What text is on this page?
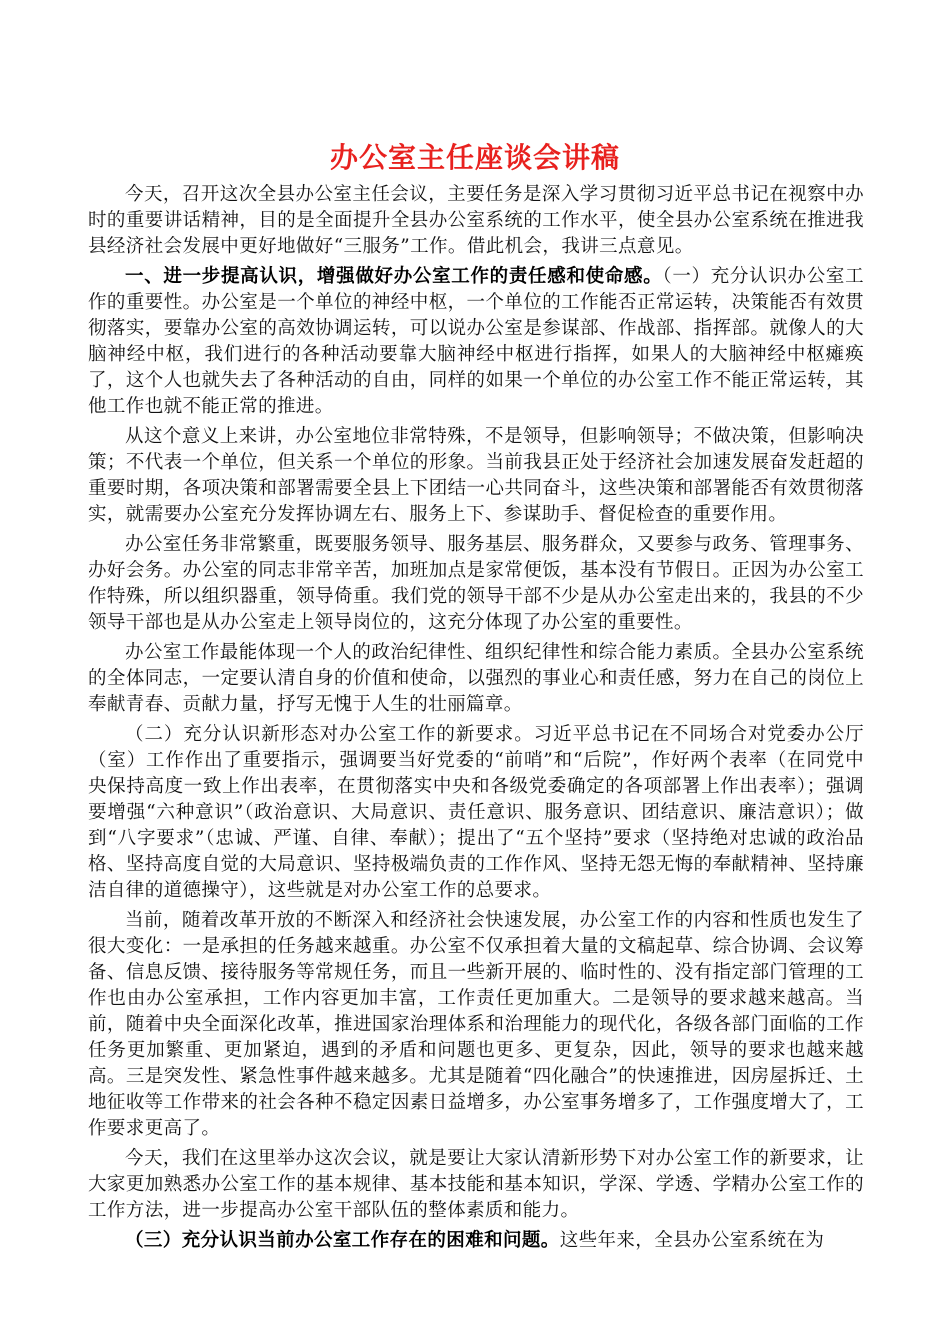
办公室主任座谈会讲稿

今天，召开这次全县办公室主任会议，主要任务是深入学习贯彻习近平总书记在视察中办时的重要讲话精神，目的是全面提升全县办公室系统的工作水平，使全县办公室系统在推进我县经济社会发展中更好地做好“三服务”工作。借此机会，我讲三点意见。

一、进一步提高认识，增强做好办公室工作的责任感和使命感。（一）充分认识办公室工作的重要性。办公室是一个单位的神经中枢，一个单位的工作能否正常运转，决策能否有效贯彻落实，要靠办公室的高效协调运转，可以说办公室是参谋部、作战部、指挥部。就像人的大脑神经中枢，我们进行的各种活动要靠大脑神经中枢进行指挥，如果人的大脑神经中枢瘫痪了，这个人也就失去了各种活动的自由，同样的如果一个单位的办公室工作不能正常运转，其他工作也就不能正常的推进。

从这个意义上来讲，办公室地位非常特殊，不是领导，但影响领导；不做决策，但影响决策；不代表一个单位，但关系一个单位的形象。当前我县正处于经济社会加速发展奋发赶超的重要时期，各项决策和部署需要全县上下团结一心共同奋斗，这些决策和部署能否有效贯彻落实，就需要办公室充分发挥协调左右、服务上下、参谋助手、督促检查的重要作用。

办公室任务非常繁重，既要服务领导、服务基层、服务群众，又要参与政务、管理事务、办好会务。办公室的同志非常辛苦，加班加点是家常便饭，基本没有节假日。正因为办公室工作特殊，所以组织器重，领导倚重。我们党的领导干部不少是从办公室走出来的，我县的不少领导干部也是从办公室走上领导岗位的，这充分体现了办公室的重要性。

办公室工作最能体现一个人的政治纪律性、组织纪律性和综合能力素质。全县办公室系统的全体同志，一定要认清自身的价值和使命，以强烈的事业心和责任感，努力在自己的岗位上奉献青春、贡献力量，抒写无愧于人生的壮丽篇章。

（二）充分认识新形态对办公室工作的新要求。习近平总书记在不同场合对党委办公厅（室）工作作出了重要指示，强调要当好党委的“前哨”和“后院”，作好两个表率（在同党中央保持高度一致上作出表率，在贯彻落实中央和各级党委确定的各项部署上作出表率）；强调要增强“六种意识”（政治意识、大局意识、责任意识、服务意识、团结意识、廉洁意识）；做到“八字要求”（忠诚、严谨、自律、奉献）；提出了“五个坚持”要求（坚持绝对忠诚的政治品格、坚持高度自觉的大局意识、坚持极端负责的工作作风、坚持无怨无悔的奉献精神、坚持廉洁自律的道德操守），这些就是对办公室工作的总要求。

当前，随着改革开放的不断深入和经济社会快速发展，办公室工作的内容和性质也发生了很大变化：一是承担的任务越来越重。办公室不仅承担着大量的文稿起草、综合协调、会议筹备、信息反馈、接待服务等常规任务，而且一些新开展的、临时性的、没有指定部门管理的工作也由办公室承担，工作内容更加丰富，工作责任更加重大。二是领导的要求越来越高。当前，随着中央全面深化改革，推进国家治理体系和治理能力的现代化，各级各部门面临的工作任务更加繁重、更加紧迫，遇到的矛盾和问题也更多、更复杂，因此，领导的要求也越来越高。三是突发性、紧急性事件越来越多。尤其是随着“四化融合”的快速推进，因房屋拆迁、土地征收等工作带来的社会各种不稳定因素日益增多，办公室事务增多了，工作强度增大了，工作要求更高了。

今天，我们在这里举办这次会议，就是要让大家认清新形势下对办公室工作的新要求，让大家更加熟悉办公室工作的基本规律、基本技能和基本知识，学深、学透、学精办公室工作的工作方法，进一步提高办公室干部队伍的整体素质和能力。

（三）充分认识当前办公室工作存在的困难和问题。这些年来，全县办公室系统在为
